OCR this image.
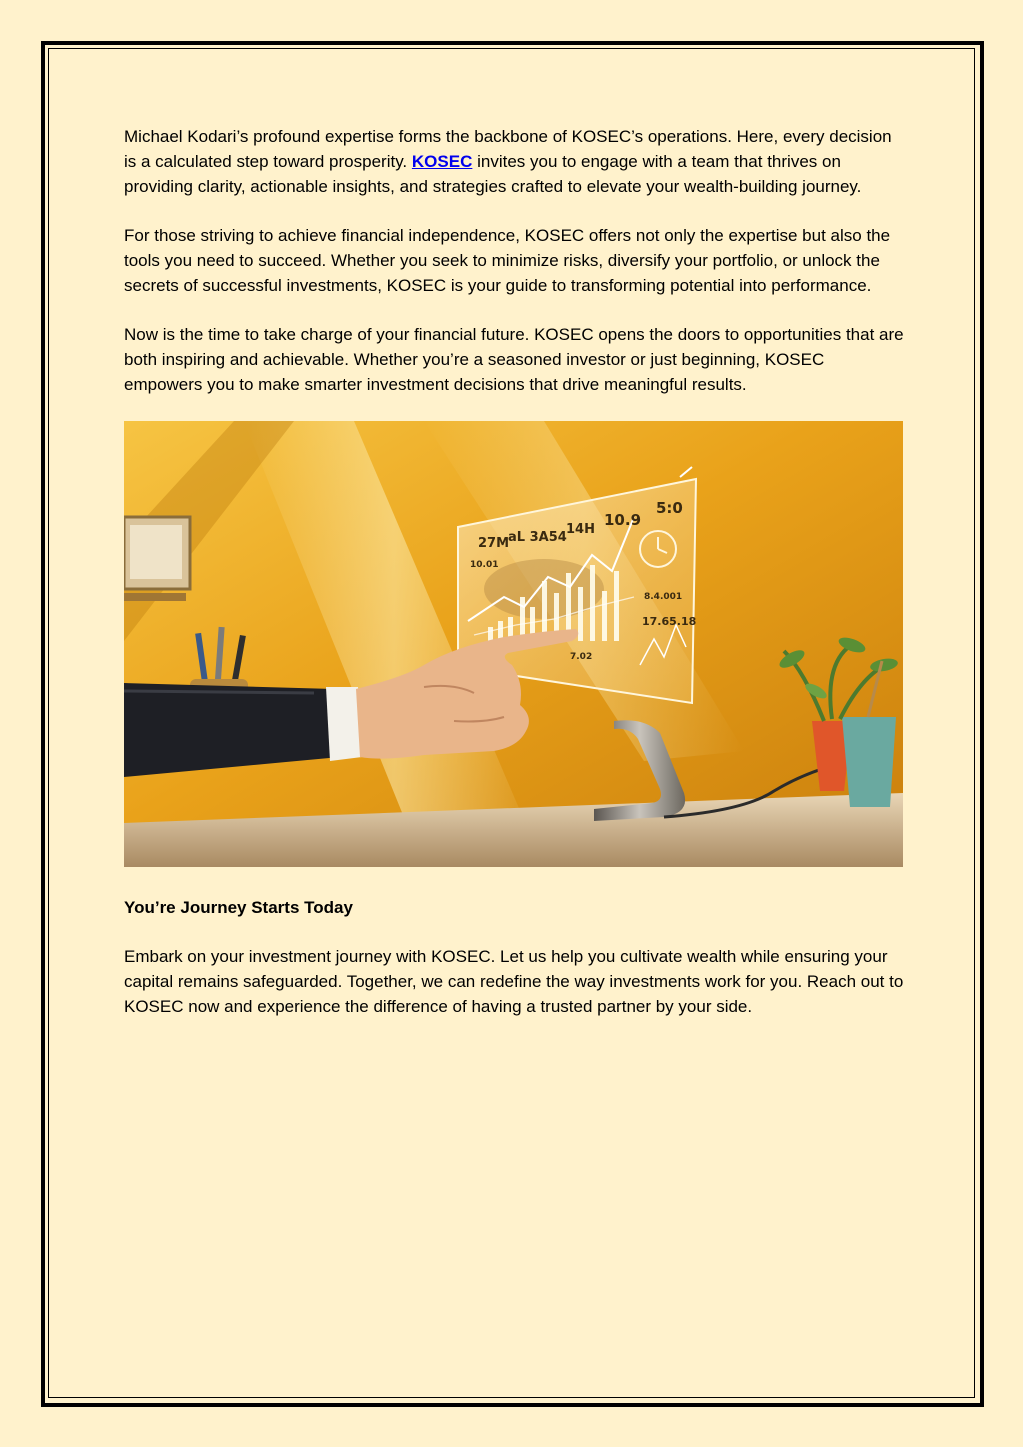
Michael Kodari’s profound expertise forms the backbone of KOSEC’s operations. Here, every decision is a calculated step toward prosperity. KOSEC invites you to engage with a team that thrives on providing clarity, actionable insights, and strategies crafted to elevate your wealth-building journey.

For those striving to achieve financial independence, KOSEC offers not only the expertise but also the tools you need to succeed. Whether you seek to minimize risks, diversify your portfolio, or unlock the secrets of successful investments, KOSEC is your guide to transforming potential into performance.

Now is the time to take charge of your financial future. KOSEC opens the doors to opportunities that are both inspiring and achievable. Whether you’re a seasoned investor or just beginning, KOSEC empowers you to make smarter investment decisions that drive meaningful results.

27M
aL 3A54
14H
10.9
5:0
10.01
8.4.001
17.65.18
7.02
You’re Journey Starts Today

Embark on your investment journey with KOSEC. Let us help you cultivate wealth while ensuring your capital remains safeguarded. Together, we can redefine the way investments work for you. Reach out to KOSEC now and experience the difference of having a trusted partner by your side.
